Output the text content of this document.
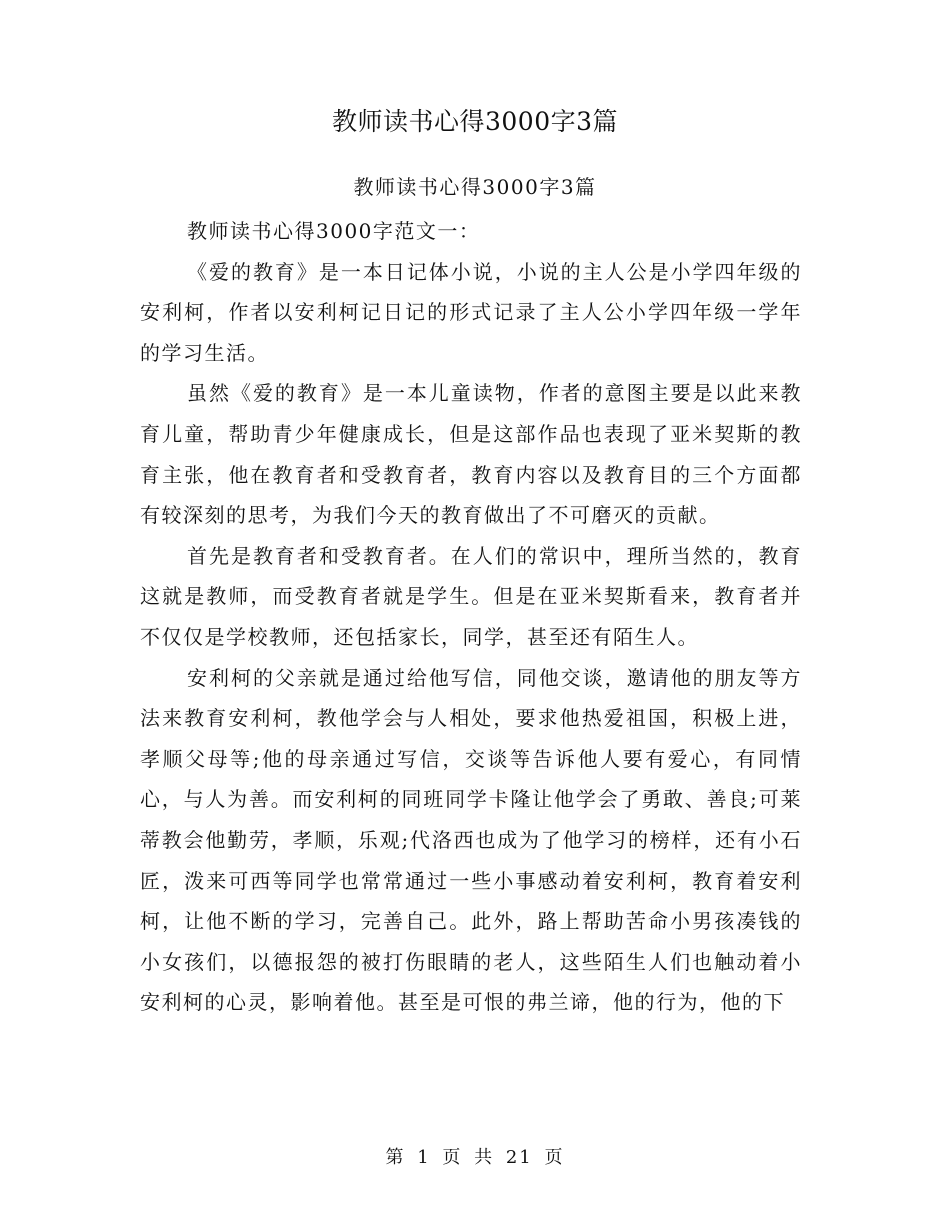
教师读书心得3000字3篇
教师读书心得3000字3篇

教师读书心得3000字范文一：

《爱的教育》是一本日记体小说，小说的主人公是小学四年级的安利柯，作者以安利柯记日记的形式记录了主人公小学四年级一学年的学习生活。

虽然《爱的教育》是一本儿童读物，作者的意图主要是以此来教育儿童，帮助青少年健康成长，但是这部作品也表现了亚米契斯的教育主张，他在教育者和受教育者，教育内容以及教育目的三个方面都有较深刻的思考，为我们今天的教育做出了不可磨灭的贡献。

首先是教育者和受教育者。在人们的常识中，理所当然的，教育这就是教师，而受教育者就是学生。但是在亚米契斯看来，教育者并不仅仅是学校教师，还包括家长，同学，甚至还有陌生人。

安利柯的父亲就是通过给他写信，同他交谈，邀请他的朋友等方法来教育安利柯，教他学会与人相处，要求他热爱祖国，积极上进，孝顺父母等;他的母亲通过写信，交谈等告诉他人要有爱心，有同情心，与人为善。而安利柯的同班同学卡隆让他学会了勇敢、善良;可莱蒂教会他勤劳，孝顺，乐观;代洛西也成为了他学习的榜样，还有小石匠，泼来可西等同学也常常通过一些小事感动着安利柯，教育着安利柯，让他不断的学习，完善自己。此外，路上帮助苦命小男孩凑钱的小女孩们，以德报怨的被打伤眼睛的老人，这些陌生人们也触动着小安利柯的心灵，影响着他。甚至是可恨的弗兰谛，他的行为，他的下

第 1 页 共 21 页
